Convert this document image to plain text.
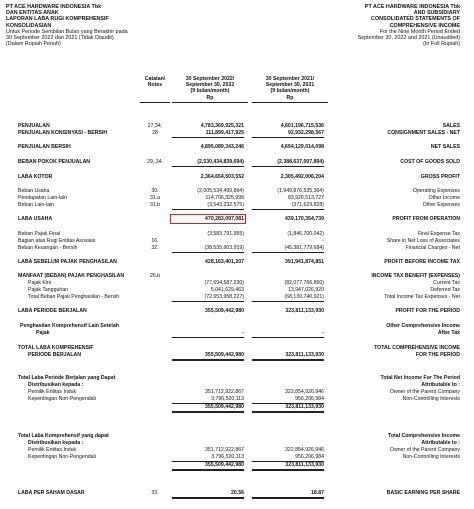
PT ACE HARDWARE INDONESIA Tbk
DAN ENTITAS ANAK
LAPORAN LABA RUGI KOMPREHENSIF
KONSOLIDASIAN
Untuk Periode Sembilan Bulan yang Berakhir pada
30 September 2022 dan 2021 (Tidak Diaudit)
(Dalam Rupiah Penuh)
PT ACE HARDWARE INDONESIA Tbk
AND SUBSIDIARY
CONSOLIDATED STATEMENTS OF
COMPREHENSIVE INCOME
For the Nine Month Period Ended
September 30, 2022 and 2021 (Unaudited)
(In Full Rupiah)
Catatan/
Notes
30 September 2022/
September 30, 2022
(9 bulan/month)
Rp
30 September 2021/
September 30, 2021
(9 bulan/month)
Rp
PENJUALAN	27,34,	4,783,369,925,321	4,601,196,715,536	SALES
PENJUALAN KONSINYASI - BERSIH	28	111,899,417,925	92,932,298,567	CONSIGNMENT SALES - NET
PENJUALAN BERSIH	4,895,089,343,246	4,694,129,014,098	NET SALES
BEBAN POKOK PENJUALAN	29,,34.	(2,530,434,839,694)	(2,388,637,007,894)	COST OF GOODS SOLD
LABA KOTOR	2,364,654,503,552	2,305,492,006,204	GROSS PROFIT
Beban Usaha	30.	(2,005,534,499,894)	(1,949,876,535,364)	Operating Expenses
Pendapatan Lain-lain	31.a	114,706,325,998	83,926,513,727	Other Income
Beban Lain-lain	31.b	(3,543,232,575)	(371,629,828)	Other Expenses
LABA USAHA	470,283,097,081	439,170,354,739	PROFIT FROM OPERATION
Beban Pajak Final	(3,583,791,955)	(1,846,700,042)	Final Expense Tax
Bagian atas Rugi Entitas Asosiasi	16.	-	-	Share in Net Loss of Associates
Beban Keuangan - Bersih	32.	(38,535,903,919)	(45,381,779,684)	Financial Charges - Net
LABA SEBELUM PAJAK PENGHASILAN	428,163,401,207	391,941,874,851	PROFIT BEFORE INCOME TAX
MANFAAT (BEBAN) PAJAK PENGHASILAN	26.b	INCOME TAX BENEFIT (EXPENSES)
Pajak Kini	(77,694,587,230)	(82,077,766,860)	Current Tax
Pajak Tangguhan	5,041,629,463	13,947,026,920	Deferred Tax
Total Beban Pajak Penghasilan - Bersih	(72,653,958,227)	(68,130,740,921)	Total Income Tax Expenses - Net
LABA PERIODE BERJALAN	355,509,442,980	323,811,133,930	PROFIT FOR THE PERIOD
Penghasilan Komprehensif Lain Setelah	Other Comprehensive Income
Pajak	-	-	After Tax
TOTAL LABA KOMPREHENSIF	TOTAL COMPREHENSIVE INCOME
PERIODE BERJALAN	355,509,442,980	323,811,133,930	FOR THE PERIOD
Total Laba Periode Berjalan yang Dapat	Total Net Income For The Period
Distribusikan kepada :	Attributable to :
Pemilik Entitas Induk	351,712,922,867	322,854,926,946	Owner of the Parent Company
Kepentingan Non-Pengendali	3,796,520,113	956,206,984	Non-Controlling Interests
355,509,442,980	323,811,133,930
Total Laba Komprehensif yang dapat	Total Comprehensive Income
Distribusikan kepada :	Attributable to :
Pemilik Entitas Induk	351,712,922,867	322,854,926,946	Owner of the Parent Company
Kepentingan Non-Pengendali	3,796,520,113	956,206,984	Non-Controlling Interests
355,509,442,980	323,811,133,930
LABA PER SAHAM DASAR	33.	20.56	18.87	BASIC EARNING PER SHARE
